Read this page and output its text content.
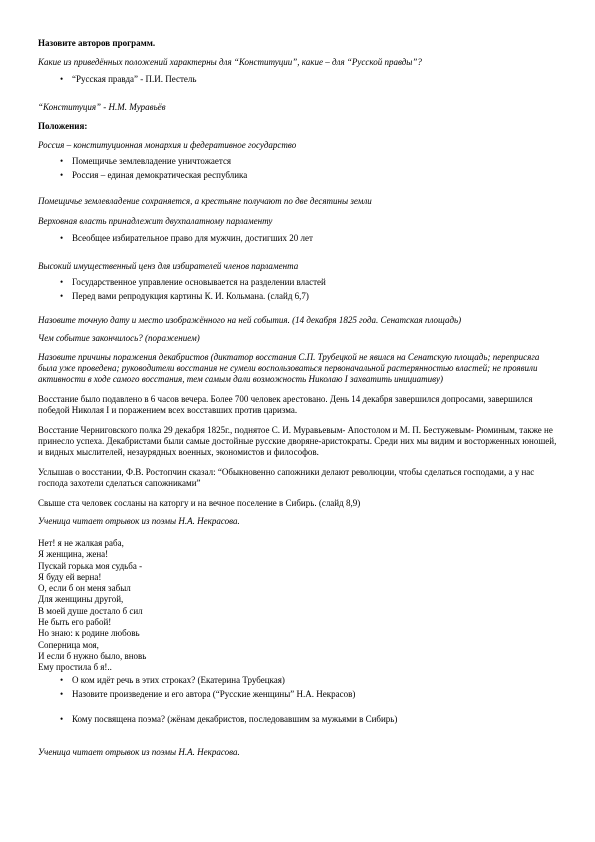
Назовите авторов программ.

Какие из приведённых положений характерны для “Конституции”, какие – для “Русской правды”?

• “Русская правда” - П.И. Пестель

“Конституция” - Н.М. Муравьёв

Положения:

Россия – конституционная монархия и федеративное государство

• Помещичье землевладение уничтожается
• Россия – единая демократическая республика

Помещичье землевладение сохраняется, а крестьяне получают по две десятины земли

Верховная власть принадлежит двухпалатному парламенту

• Всеобщее избирательное право для мужчин, достигших 20 лет

Высокий имущественный ценз для избирателей членов парламента

• Государственное управление основывается на разделении властей
• Перед вами репродукция картины К. И. Кольмана. (слайд 6,7)

Назовите точную дату и место изображённого на ней события. (14 декабря 1825 года. Сенатская площадь)

Чем событие закончилось? (поражением)

Назовите причины поражения декабристов (диктатор восстания С.П. Трубецкой не явился на Сенатскую площадь; переприсяга была уже проведена; руководители восстания не сумели воспользоваться первоначальной растерянностью властей; не проявили активности в ходе самого восстания, тем самым дали возможность Николаю I захватить инициативу)

Восстание было подавлено в 6 часов вечера. Более 700 человек арестовано. День 14 декабря завершился допросами, завершился победой Николая I и поражением всех восставших против царизма.

Восстание Черниговского полка 29 декабря 1825г., поднятое С. И. Муравьевым- Апостолом и М. П. Бестужевым- Рюминым, также не принесло успеха. Декабристами были самые достойные русские дворяне-аристократы. Среди них мы видим и восторженных юношей, и видных мыслителей, незаурядных военных, экономистов и философов.

Услышав о восстании, Ф.В. Ростопчин сказал: “Обыкновенно сапожники делают революции, чтобы сделаться господами, а у нас господа захотели сделаться сапожниками”

Свыше ста человек сосланы на каторгу и на вечное поселение в Сибирь. (слайд 8,9)

Ученица читает отрывок из поэмы Н.А. Некрасова.

Нет! я не жалкая раба,

Я женщина, жена!

Пускай горька моя судьба -

Я буду ей верна!

О, если б он меня забыл

Для женщины другой,

В моей душе достало б сил

Не быть его рабой!

Но знаю: к родине любовь

Соперница моя,

И если б нужно было, вновь

Ему простила б я!..

• О ком идёт речь в этих строках? (Екатерина Трубецкая)
• Назовите произведение и его автора (“Русские женщины” Н.А. Некрасов)
• Кому посвящена поэма? (жёнам декабристов, последовавшим за мужьями в Сибирь)

Ученица читает отрывок из поэмы Н.А. Некрасова.
